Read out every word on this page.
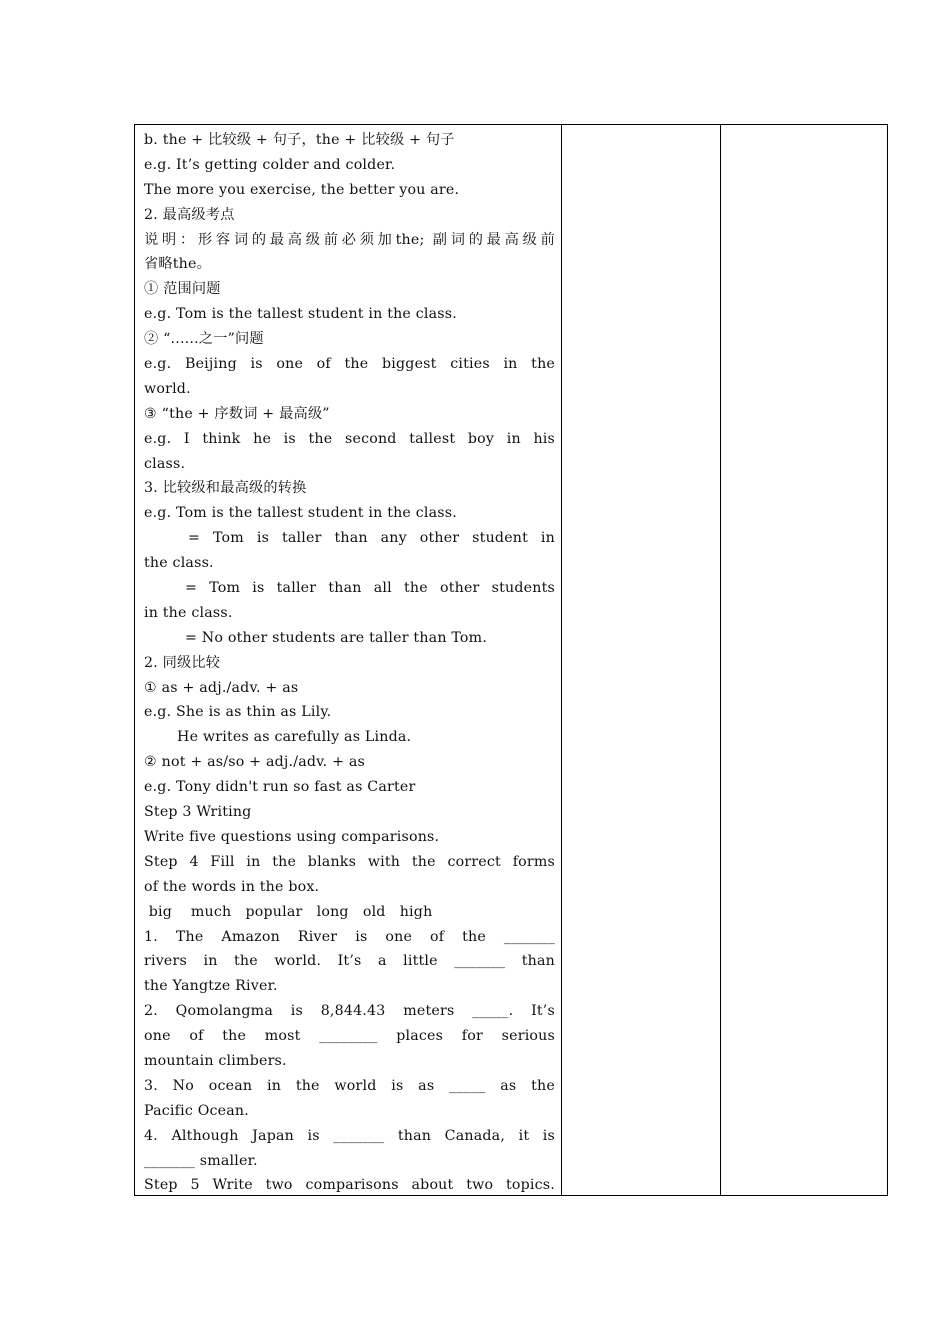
b. the + 比较级 + 句子，the + 比较级 + 句子
e.g. It’s getting colder and colder.
The more you exercise, the better you are.
2. 最高级考点
说明：形容词的最高级前必须加the; 副词的最高级前
省略the。
① 范围问题
e.g. Tom is the tallest student in the class.
② “......之一”问题
e.g. Beijing is one of the biggest cities in the
world.
③ “the + 序数词 + 最高级”
e.g. I think he is the second tallest boy in his
class.
3. 比较级和最高级的转换
e.g. Tom is the tallest student in the class.
= Tom is taller than any other student in
the class.
= Tom is taller than all the other students
in the class.
= No other students are taller than Tom.
2. 同级比较
① as + adj./adv. + as
e.g. She is as thin as Lily.
He writes as carefully as Linda.
② not + as/so + adj./adv. + as
e.g. Tony didn't run so fast as Carter
Step 3 Writing
Write five questions using comparisons.
Step 4 Fill in the blanks with the correct forms
of the words in the box.
big    much   popular   long   old   high
1. The Amazon River is one of the _______
rivers in the world. It’s a little _______ than
the Yangtze River.
2. Qomolangma is 8,844.43 meters _____. It’s
one of the most ________ places for serious
mountain climbers.
3. No ocean in the world is as _____ as the
Pacific Ocean.
4. Although Japan is _______ than Canada, it is
_______ smaller.
Step 5 Write two comparisons about two topics.
